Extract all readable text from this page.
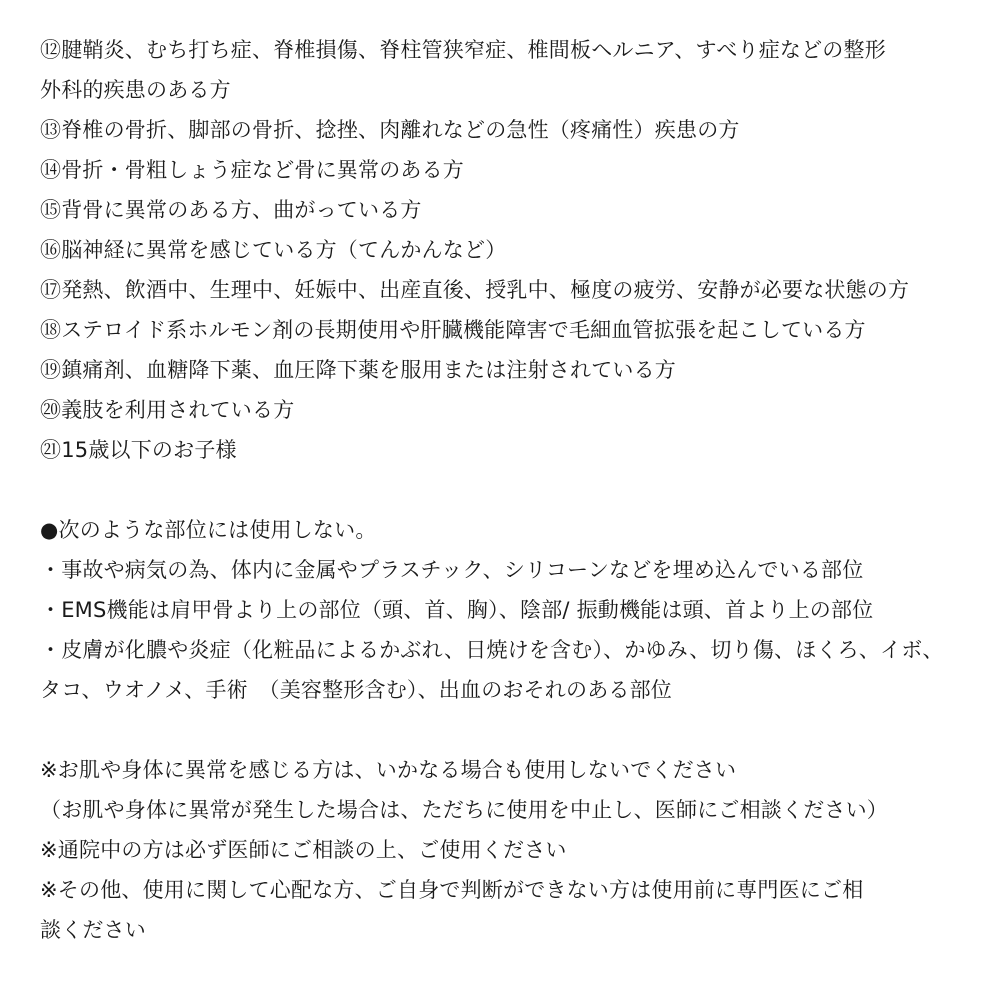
⑫腱鞘炎、むち打ち症、脊椎損傷、脊柱管狭窄症、椎間板ヘルニア、すべり症などの整形
外科的疾患のある方
⑬脊椎の骨折、脚部の骨折、捻挫、肉離れなどの急性（疼痛性）疾患の方
⑭骨折・骨粗しょう症など骨に異常のある方
⑮背骨に異常のある方、曲がっている方
⑯脳神経に異常を感じている方（てんかんなど）
⑰発熱、飲酒中、生理中、妊娠中、出産直後、授乳中、極度の疲労、安静が必要な状態の方
⑱ステロイド系ホルモン剤の長期使用や肝臓機能障害で毛細血管拡張を起こしている方
⑲鎮痛剤、血糖降下薬、血圧降下薬を服用または注射されている方
⑳義肢を利用されている方
㉑15歳以下のお子様
●次のような部位には使用しない。
・事故や病気の為、体内に金属やプラスチック、シリコーンなどを埋め込んでいる部位
・EMS機能は肩甲骨より上の部位（頭、首、胸）、陰部/ 振動機能は頭、首より上の部位
・皮膚が化膿や炎症（化粧品によるかぶれ、日焼けを含む）、かゆみ、切り傷、ほくろ、イボ、
タコ、ウオノメ、手術　（美容整形含む）、出血のおそれのある部位
※お肌や身体に異常を感じる方は、いかなる場合も使用しないでください
（お肌や身体に異常が発生した場合は、ただちに使用を中止し、医師にご相談ください）
※通院中の方は必ず医師にご相談の上、ご使用ください
※その他、使用に関して心配な方、ご自身で判断ができない方は使用前に専門医にご相
談ください
